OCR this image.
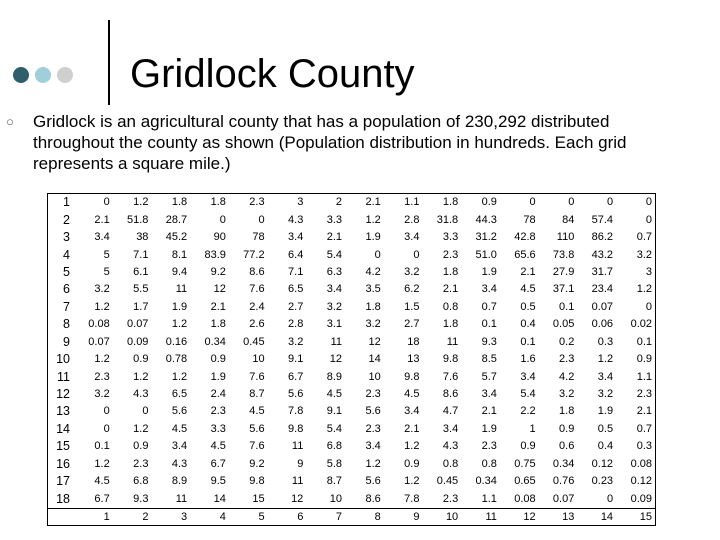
Gridlock County
○ Gridlock is an agricultural county that has a population of 230,292 distributed throughout the county as shown (Population distribution in hundreds. Each grid represents a square mile.)
1	0	1.2	1.8	1.8	2.3	3	2	2.1	1.1	1.8	0.9	0	0	0	0
2	2.1	51.8	28.7	0	0	4.3	3.3	1.2	2.8	31.8	44.3	78	84	57.4	0
3	3.4	38	45.2	90	78	3.4	2.1	1.9	3.4	3.3	31.2	42.8	110	86.2	0.7
4	5	7.1	8.1	83.9	77.2	6.4	5.4	0	0	2.3	51.0	65.6	73.8	43.2	3.2
5	5	6.1	9.4	9.2	8.6	7.1	6.3	4.2	3.2	1.8	1.9	2.1	27.9	31.7	3
6	3.2	5.5	11	12	7.6	6.5	3.4	3.5	6.2	2.1	3.4	4.5	37.1	23.4	1.2
7	1.2	1.7	1.9	2.1	2.4	2.7	3.2	1.8	1.5	0.8	0.7	0.5	0.1	0.07	0
8	0.08	0.07	1.2	1.8	2.6	2.8	3.1	3.2	2.7	1.8	0.1	0.4	0.05	0.06	0.02
9	0.07	0.09	0.16	0.34	0.45	3.2	11	12	18	11	9.3	0.1	0.2	0.3	0.1
10	1.2	0.9	0.78	0.9	10	9.1	12	14	13	9.8	8.5	1.6	2.3	1.2	0.9
11	2.3	1.2	1.2	1.9	7.6	6.7	8.9	10	9.8	7.6	5.7	3.4	4.2	3.4	1.1
12	3.2	4.3	6.5	2.4	8.7	5.6	4.5	2.3	4.5	8.6	3.4	5.4	3.2	3.2	2.3
13	0	0	5.6	2.3	4.5	7.8	9.1	5.6	3.4	4.7	2.1	2.2	1.8	1.9	2.1
14	0	1.2	4.5	3.3	5.6	9.8	5.4	2.3	2.1	3.4	1.9	1	0.9	0.5	0.7
15	0.1	0.9	3.4	4.5	7.6	11	6.8	3.4	1.2	4.3	2.3	0.9	0.6	0.4	0.3
16	1.2	2.3	4.3	6.7	9.2	9	5.8	1.2	0.9	0.8	0.8	0.75	0.34	0.12	0.08
17	4.5	6.8	8.9	9.5	9.8	11	8.7	5.6	1.2	0.45	0.34	0.65	0.76	0.23	0.12
18	6.7	9.3	11	14	15	12	10	8.6	7.8	2.3	1.1	0.08	0.07	0	0.09
	1	2	3	4	5	6	7	8	9	10	11	12	13	14	15
